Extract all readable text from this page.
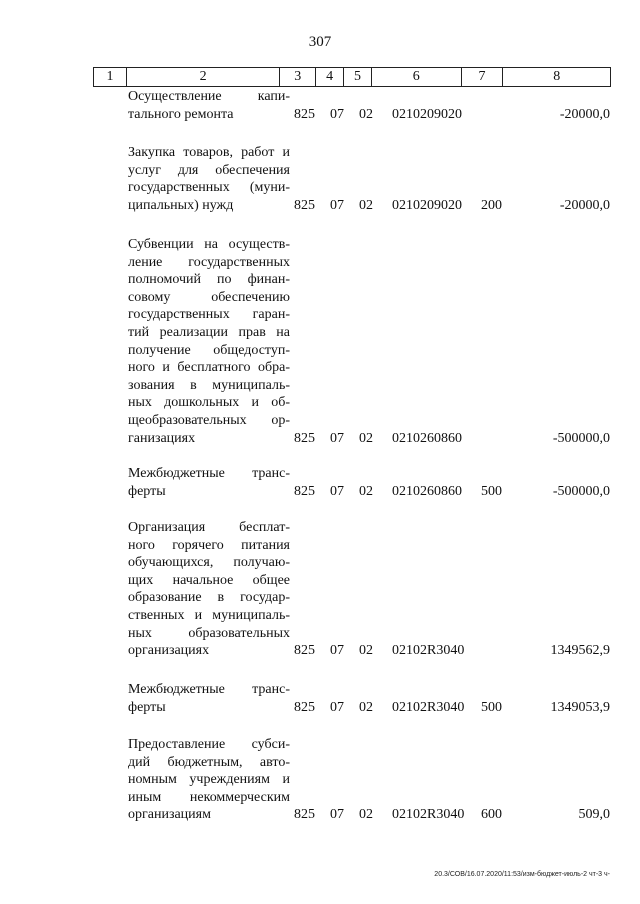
307
1	2	3	4	5	6	7	8
Осуществление капи-
тального ремонта	825 07 02 0210209020	-20000,0
Закупка товаров, работ и
услуг для обеспечения
государственных (муни-
ципальных) нужд	825 07 02 0210209020 200	-20000,0
Субвенции на осуществ-
ление государственных
полномочий по финан-
совому обеспечению
государственных гаран-
тий реализации прав на
получение общедоступ-
ного и бесплатного обра-
зования в муниципаль-
ных дошкольных и об-
щеобразовательных ор-
ганизациях	825 07 02 0210260860	-500000,0
Межбюджетные транс-
ферты	825 07 02 0210260860 500	-500000,0
Организация бесплат-
ного горячего питания
обучающихся, получаю-
щих начальное общее
образование в государ-
ственных и муниципаль-
ных образовательных
организациях	825 07 02 02102R3040	1349562,9
Межбюджетные транс-
ферты	825 07 02 02102R3040 500	1349053,9
Предоставление субси-
дий бюджетным, авто-
номным учреждениям и
иным некоммерческим
организациям	825 07 02 02102R3040 600	509,0
20.3/СОВ/16.07.2020/11:53/изм-бюджет-июль-2 чт-3 ч-
